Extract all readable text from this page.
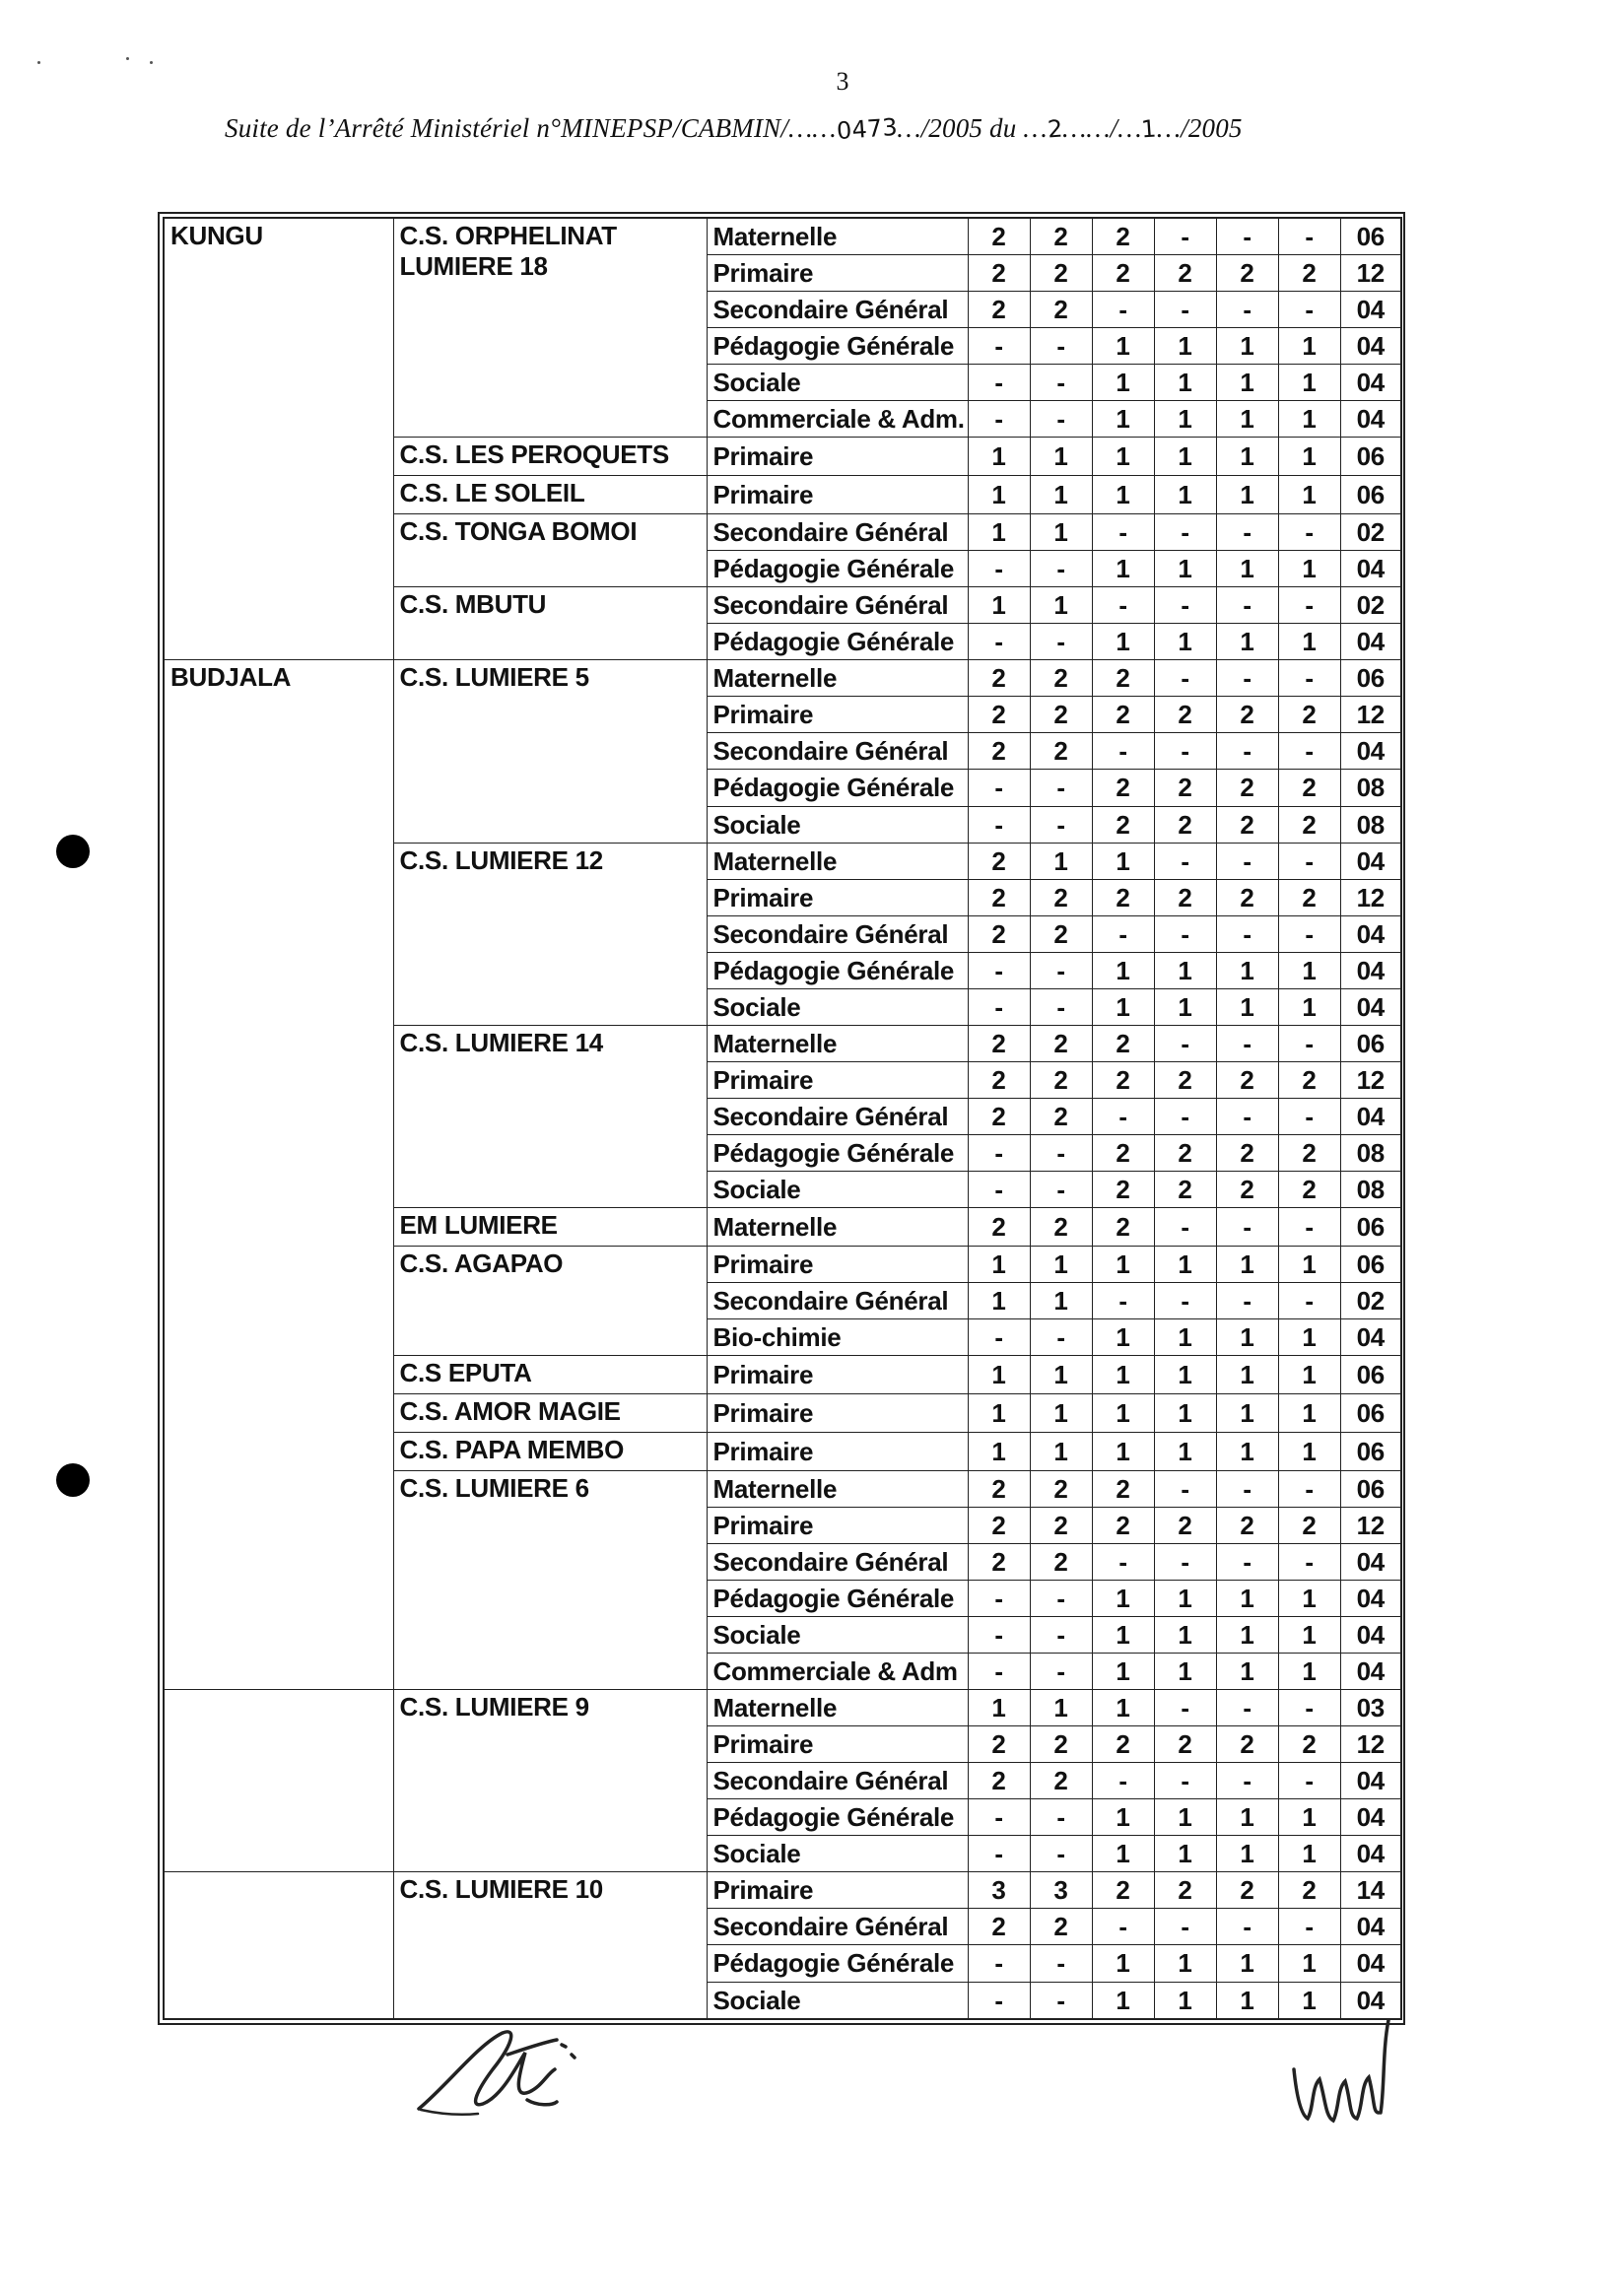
3
Suite de l’Arrêté Ministériel n°MINEPSP/CABMIN/……0473…/2005 du …2……/…1…/2005
KUNGU	C.S. ORPHELINAT LUMIERE 18	Maternelle	2	2	2	-	-	-	06
		Primaire	2	2	2	2	2	2	12
		Secondaire Général	2	2	-	-	-	-	04
		Pédagogie Générale	-	-	1	1	1	1	04
		Sociale	-	-	1	1	1	1	04
		Commerciale & Adm.	-	-	1	1	1	1	04
	C.S. LES PEROQUETS	Primaire	1	1	1	1	1	1	06
	C.S. LE SOLEIL	Primaire	1	1	1	1	1	1	06
	C.S. TONGA BOMOI	Secondaire Général	1	1	-	-	-	-	02
		Pédagogie Générale	-	-	1	1	1	1	04
	C.S. MBUTU	Secondaire Général	1	1	-	-	-	-	02
		Pédagogie Générale	-	-	1	1	1	1	04
BUDJALA	C.S. LUMIERE 5	Maternelle	2	2	2	-	-	-	06
		Primaire	2	2	2	2	2	2	12
		Secondaire Général	2	2	-	-	-	-	04
		Pédagogie Générale	-	-	2	2	2	2	08
		Sociale	-	-	2	2	2	2	08
	C.S. LUMIERE 12	Maternelle	2	1	1	-	-	-	04
		Primaire	2	2	2	2	2	2	12
		Secondaire Général	2	2	-	-	-	-	04
		Pédagogie Générale	-	-	1	1	1	1	04
		Sociale	-	-	1	1	1	1	04
	C.S. LUMIERE 14	Maternelle	2	2	2	-	-	-	06
		Primaire	2	2	2	2	2	2	12
		Secondaire Général	2	2	-	-	-	-	04
		Pédagogie Générale	-	-	2	2	2	2	08
		Sociale	-	-	2	2	2	2	08
	EM LUMIERE	Maternelle	2	2	2	-	-	-	06
	C.S. AGAPAO	Primaire	1	1	1	1	1	1	06
		Secondaire Général	1	1	-	-	-	-	02
		Bio-chimie	-	-	1	1	1	1	04
	C.S EPUTA	Primaire	1	1	1	1	1	1	06
	C.S. AMOR MAGIE	Primaire	1	1	1	1	1	1	06
	C.S. PAPA MEMBO	Primaire	1	1	1	1	1	1	06
	C.S. LUMIERE 6	Maternelle	2	2	2	-	-	-	06
		Primaire	2	2	2	2	2	2	12
		Secondaire Général	2	2	-	-	-	-	04
		Pédagogie Générale	-	-	1	1	1	1	04
		Sociale	-	-	1	1	1	1	04
		Commerciale & Adm	-	-	1	1	1	1	04
	C.S. LUMIERE 9	Maternelle	1	1	1	-	-	-	03
		Primaire	2	2	2	2	2	2	12
		Secondaire Général	2	2	-	-	-	-	04
		Pédagogie Générale	-	-	1	1	1	1	04
		Sociale	-	-	1	1	1	1	04
	C.S. LUMIERE 10	Primaire	3	3	2	2	2	2	14
		Secondaire Général	2	2	-	-	-	-	04
		Pédagogie Générale	-	-	1	1	1	1	04
		Sociale	-	-	1	1	1	1	04
